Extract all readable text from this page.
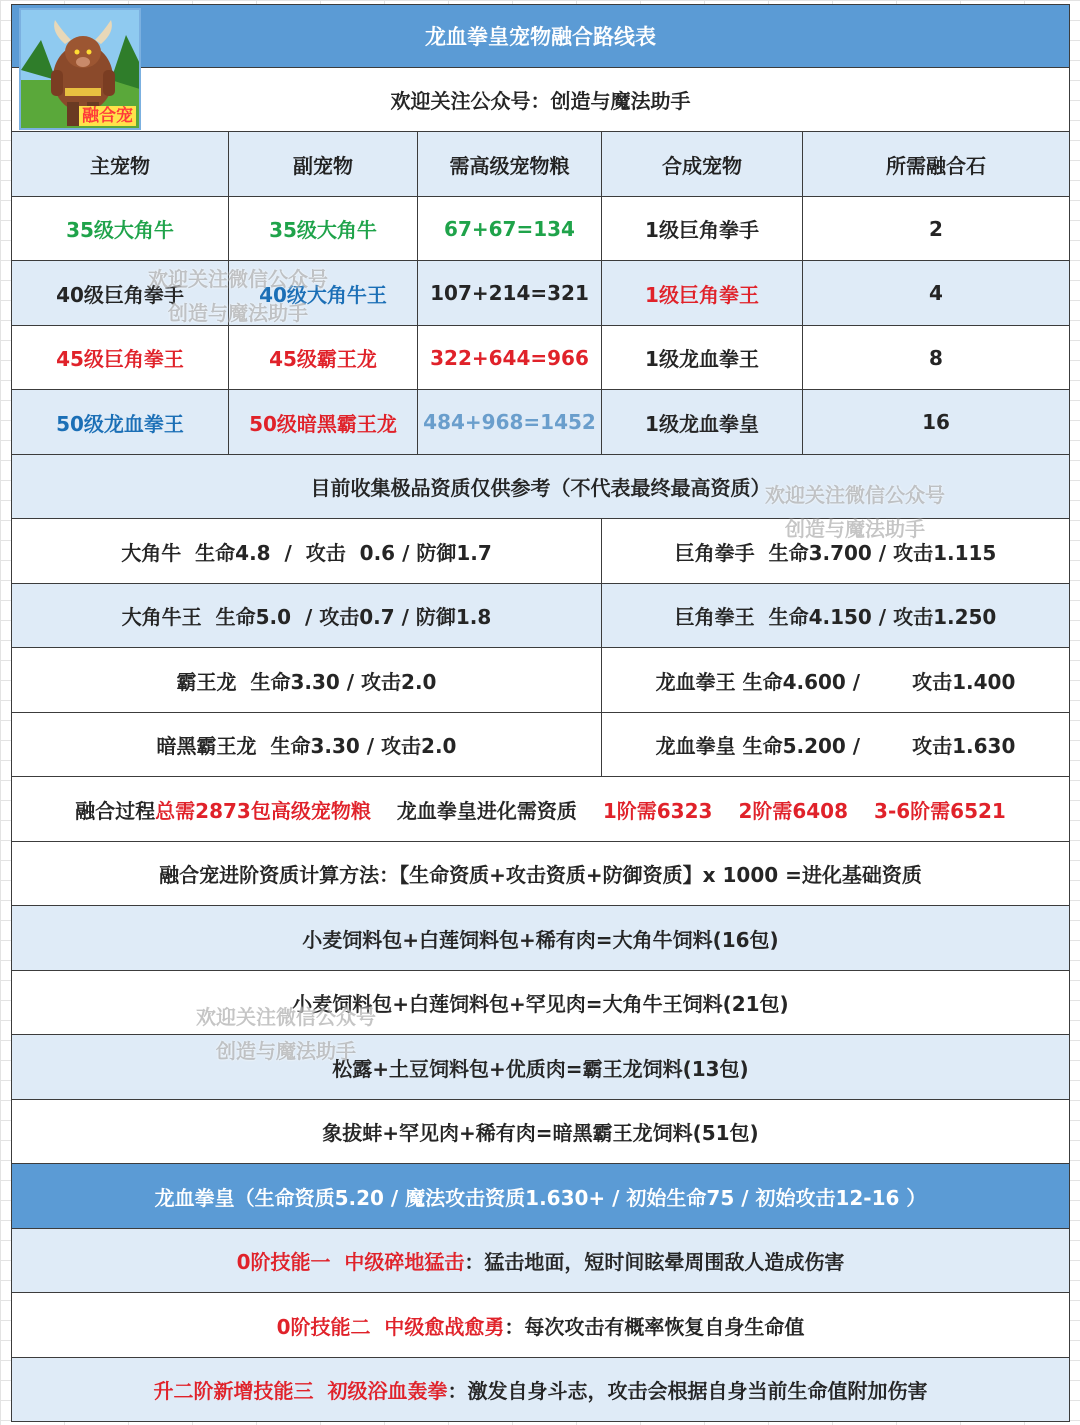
龙血拳皇宠物融合路线表
欢迎关注公众号：创造与魔法助手
主宠物	副宠物	需高级宠物粮	合成宠物	所需融合石
35级大角牛	35级大角牛	67+67=134	1级巨角拳手	2
40级巨角拳手	40级大角牛王	107+214=321	1级巨角拳王	4
45级巨角拳王	45级霸王龙	322+644=966	1级龙血拳王	8
50级龙血拳王	50级暗黑霸王龙	484+968=1452	1级龙血拳皇	16
目前收集极品资质仅供参考（不代表最终最高资质）
大角牛  生命4.8  /  攻击  0.6 / 防御1.7	巨角拳手  生命3.700 / 攻击1.115
大角牛王  生命5.0  / 攻击0.7 / 防御1.8	巨角拳王  生命4.150 / 攻击1.250
霸王龙  生命3.30 / 攻击2.0	龙血拳王 生命4.600 /	攻击1.400
暗黑霸王龙  生命3.30 / 攻击2.0	龙血拳皇 生命5.200 /	攻击1.630
融合过程 总需2873包高级宠物粮 龙血拳皇进化需资质 1阶需6323 2阶需6408 3-6阶需6521
融合宠进阶资质计算方法：【生命资质+攻击资质+防御资质】x 1000 =进化基础资质
小麦饲料包+白莲饲料包+稀有肉=大角牛饲料(16包)
小麦饲料包+白莲饲料包+罕见肉=大角牛王饲料(21包)
松露+土豆饲料包+优质肉=霸王龙饲料(13包)
象拔蚌+罕见肉+稀有肉=暗黑霸王龙饲料(51包)
龙血拳皇（生命资质5.20 / 魔法攻击资质1.630+ / 初始生命75 / 初始攻击12-16 ）
0阶技能一  中级碎地猛击 ： 猛击地面，短时间眩晕周围敌人造成伤害
0阶技能二  中级愈战愈勇 ： 每次攻击有概率恢复自身生命值
升二阶新增技能三  初级浴血轰拳 ： 激发自身斗志，攻击会根据自身当前生命值附加伤害
融合宠
欢迎关注微信公众号
创造与魔法助手
欢迎关注微信公众号
创造与魔法助手
欢迎关注微信公众号
创造与魔法助手
